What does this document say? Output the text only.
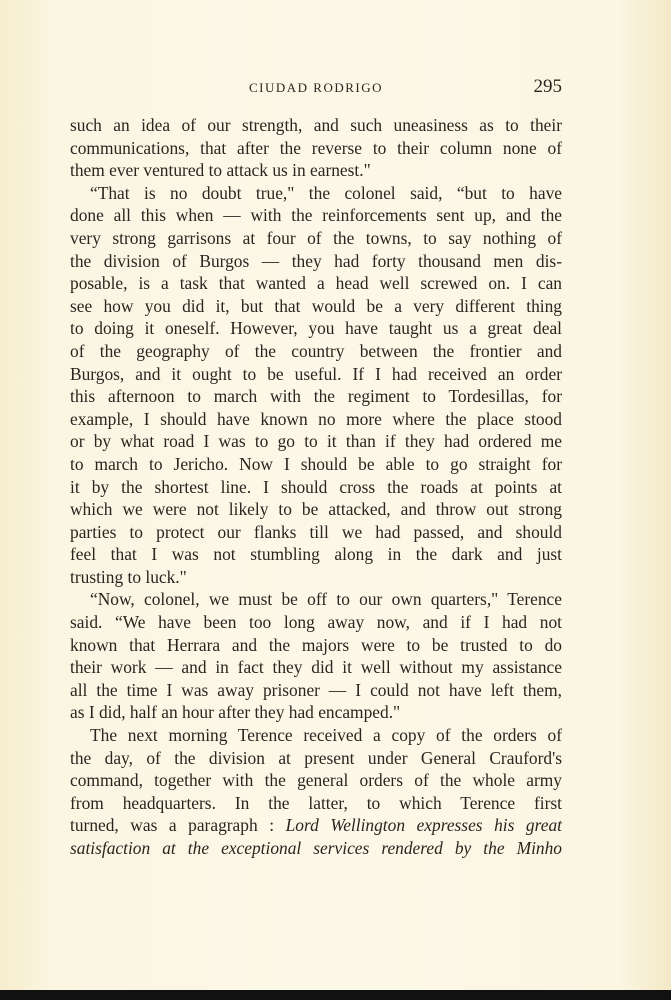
CIUDAD RODRIGO	295
such an idea of our strength, and such uneasiness as to their
communications, that after the reverse to their column none of
them ever ventured to attack us in earnest."
“That is no doubt true," the colonel said, “but to have
done all this when — with the reinforcements sent up, and the
very strong garrisons at four of the towns, to say nothing of
the division of Burgos — they had forty thousand men dis-
posable, is a task that wanted a head well screwed on. I can
see how you did it, but that would be a very different thing
to doing it oneself. However, you have taught us a great deal
of the geography of the country between the frontier and
Burgos, and it ought to be useful. If I had received an order
this afternoon to march with the regiment to Tordesillas, for
example, I should have known no more where the place stood
or by what road I was to go to it than if they had ordered me
to march to Jericho. Now I should be able to go straight for
it by the shortest line. I should cross the roads at points at
which we were not likely to be attacked, and throw out strong
parties to protect our flanks till we had passed, and should
feel that I was not stumbling along in the dark and just
trusting to luck."
“Now, colonel, we must be off to our own quarters," Terence
said. “We have been too long away now, and if I had not
known that Herrara and the majors were to be trusted to do
their work — and in fact they did it well without my assistance
all the time I was away prisoner — I could not have left them,
as I did, half an hour after they had encamped."
The next morning Terence received a copy of the orders of
the day, of the division at present under General Crauford's
command, together with the general orders of the whole army
from headquarters. In the latter, to which Terence first
turned, was a paragraph : Lord Wellington expresses his great
satisfaction at the exceptional services rendered by the Minho
